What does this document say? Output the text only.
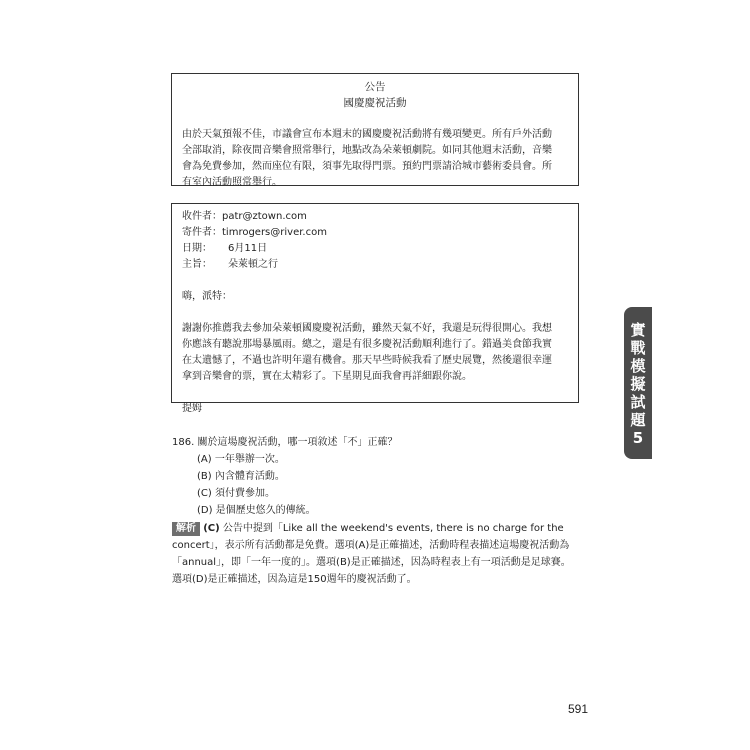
公告
國慶慶祝活動
由於天氣預報不佳，市議會宣布本週末的國慶慶祝活動將有幾項變更。所有戶外活動
全部取消，除夜間音樂會照常舉行，地點改為朵萊頓劇院。如同其他週末活動，音樂
會為免費參加，然而座位有限，須事先取得門票。預約門票請洽城市藝術委員會。所
有室內活動照常舉行。
收件者：patr@ztown.com
寄件者：timrogers@river.com
日期： 6月11日
主旨： 朵萊頓之行
嗨，派特：
謝謝你推薦我去參加朵萊頓國慶慶祝活動，雖然天氣不好，我還是玩得很開心。我想
你應該有聽說那場暴風雨。總之，還是有很多慶祝活動順利進行了。錯過美食節我實
在太遺憾了，不過也許明年還有機會。那天早些時候我看了歷史展覽，然後還很幸運
拿到音樂會的票，實在太精彩了。下星期見面我會再詳細跟你說。
提姆
186. 關於這場慶祝活動，哪一項敘述「不」正確？
(A) 一年舉辦一次。
(B) 內含體育活動。
(C) 須付費參加。
(D) 是個歷史悠久的傳統。
解析 (C) 公告中提到「Like all the weekend's events, there is no charge for the
concert」，表示所有活動都是免費。選項(A)是正確描述，活動時程表描述這場慶祝活動為
「annual」，即「一年一度的」。選項(B)是正確描述，因為時程表上有一項活動是足球賽。
選項(D)是正確描述，因為這是150週年的慶祝活動了。
實
戰
模
擬
試
題
5
591
